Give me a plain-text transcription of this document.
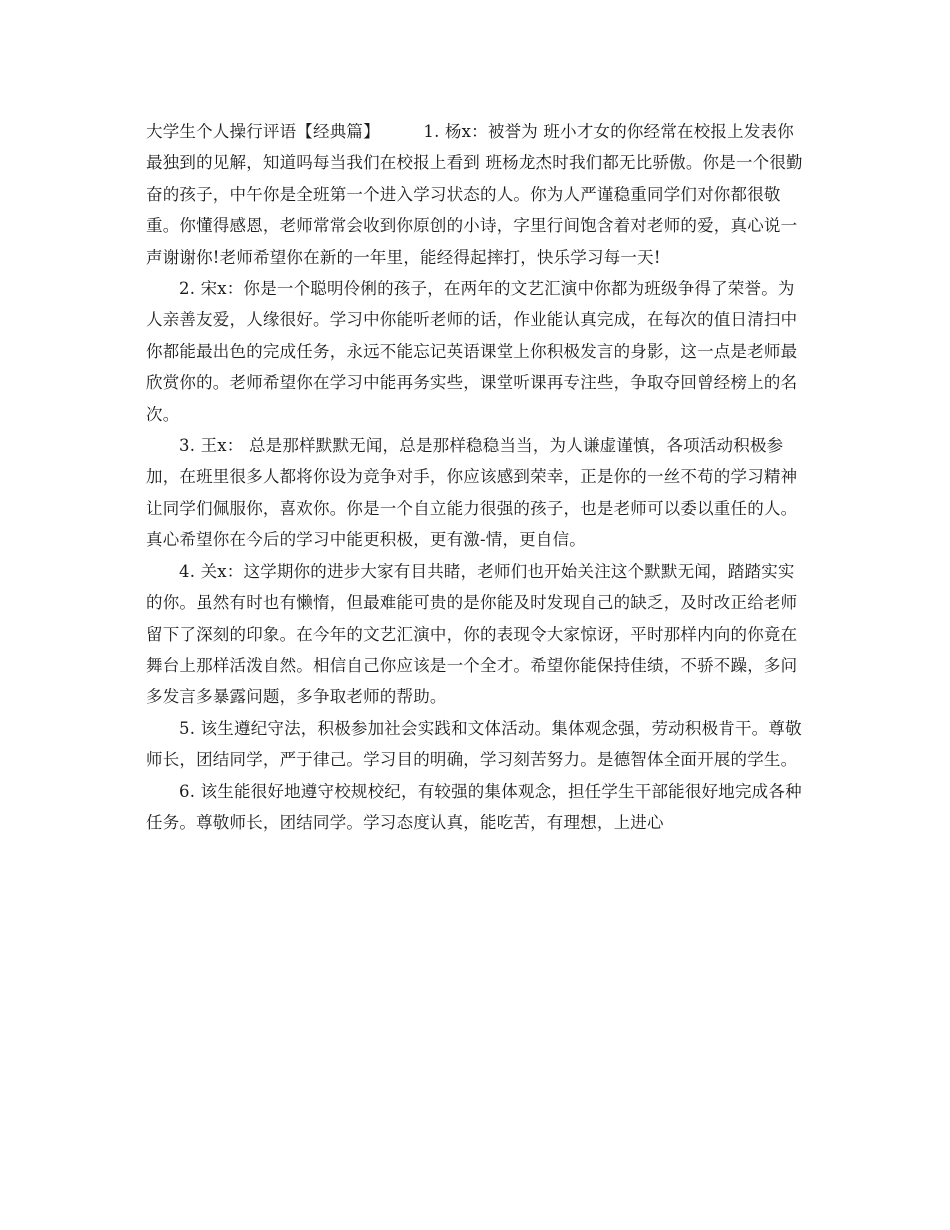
大学生个人操行评语【经典篇】	1. 杨x：被誉为 班小才女的你经常在校报上发表你最独到的见解，知道吗每当我们在校报上看到 班杨龙杰时我们都无比骄傲。你是一个很勤奋的孩子，中午你是全班第一个进入学习状态的人。你为人严谨稳重同学们对你都很敬重。你懂得感恩，老师常常会收到你原创的小诗，字里行间饱含着对老师的爱，真心说一声谢谢你!老师希望你在新的一年里，能经得起摔打，快乐学习每一天!

2. 宋x：你是一个聪明伶俐的孩子，在两年的文艺汇演中你都为班级争得了荣誉。为人亲善友爱，人缘很好。学习中你能听老师的话，作业能认真完成，在每次的值日清扫中你都能最出色的完成任务，永远不能忘记英语课堂上你积极发言的身影，这一点是老师最欣赏你的。老师希望你在学习中能再务实些，课堂听课再专注些，争取夺回曾经榜上的名次。

3. 王x： 总是那样默默无闻，总是那样稳稳当当，为人谦虚谨慎，各项活动积极参加，在班里很多人都将你设为竞争对手，你应该感到荣幸，正是你的一丝不苟的学习精神让同学们佩服你，喜欢你。你是一个自立能力很强的孩子，也是老师可以委以重任的人。真心希望你在今后的学习中能更积极，更有激-情，更自信。

4. 关x：这学期你的进步大家有目共睹，老师们也开始关注这个默默无闻，踏踏实实的你。虽然有时也有懒惰，但最难能可贵的是你能及时发现自己的缺乏，及时改正给老师留下了深刻的印象。在今年的文艺汇演中，你的表现令大家惊讶，平时那样内向的你竟在舞台上那样活泼自然。相信自己你应该是一个全才。希望你能保持佳绩，不骄不躁，多问多发言多暴露问题，多争取老师的帮助。

5. 该生遵纪守法，积极参加社会实践和文体活动。集体观念强，劳动积极肯干。尊敬师长，团结同学，严于律己。学习目的明确，学习刻苦努力。是德智体全面开展的学生。

6. 该生能很好地遵守校规校纪，有较强的集体观念，担任学生干部能很好地完成各种任务。尊敬师长，团结同学。学习态度认真，能吃苦，有理想，上进心
